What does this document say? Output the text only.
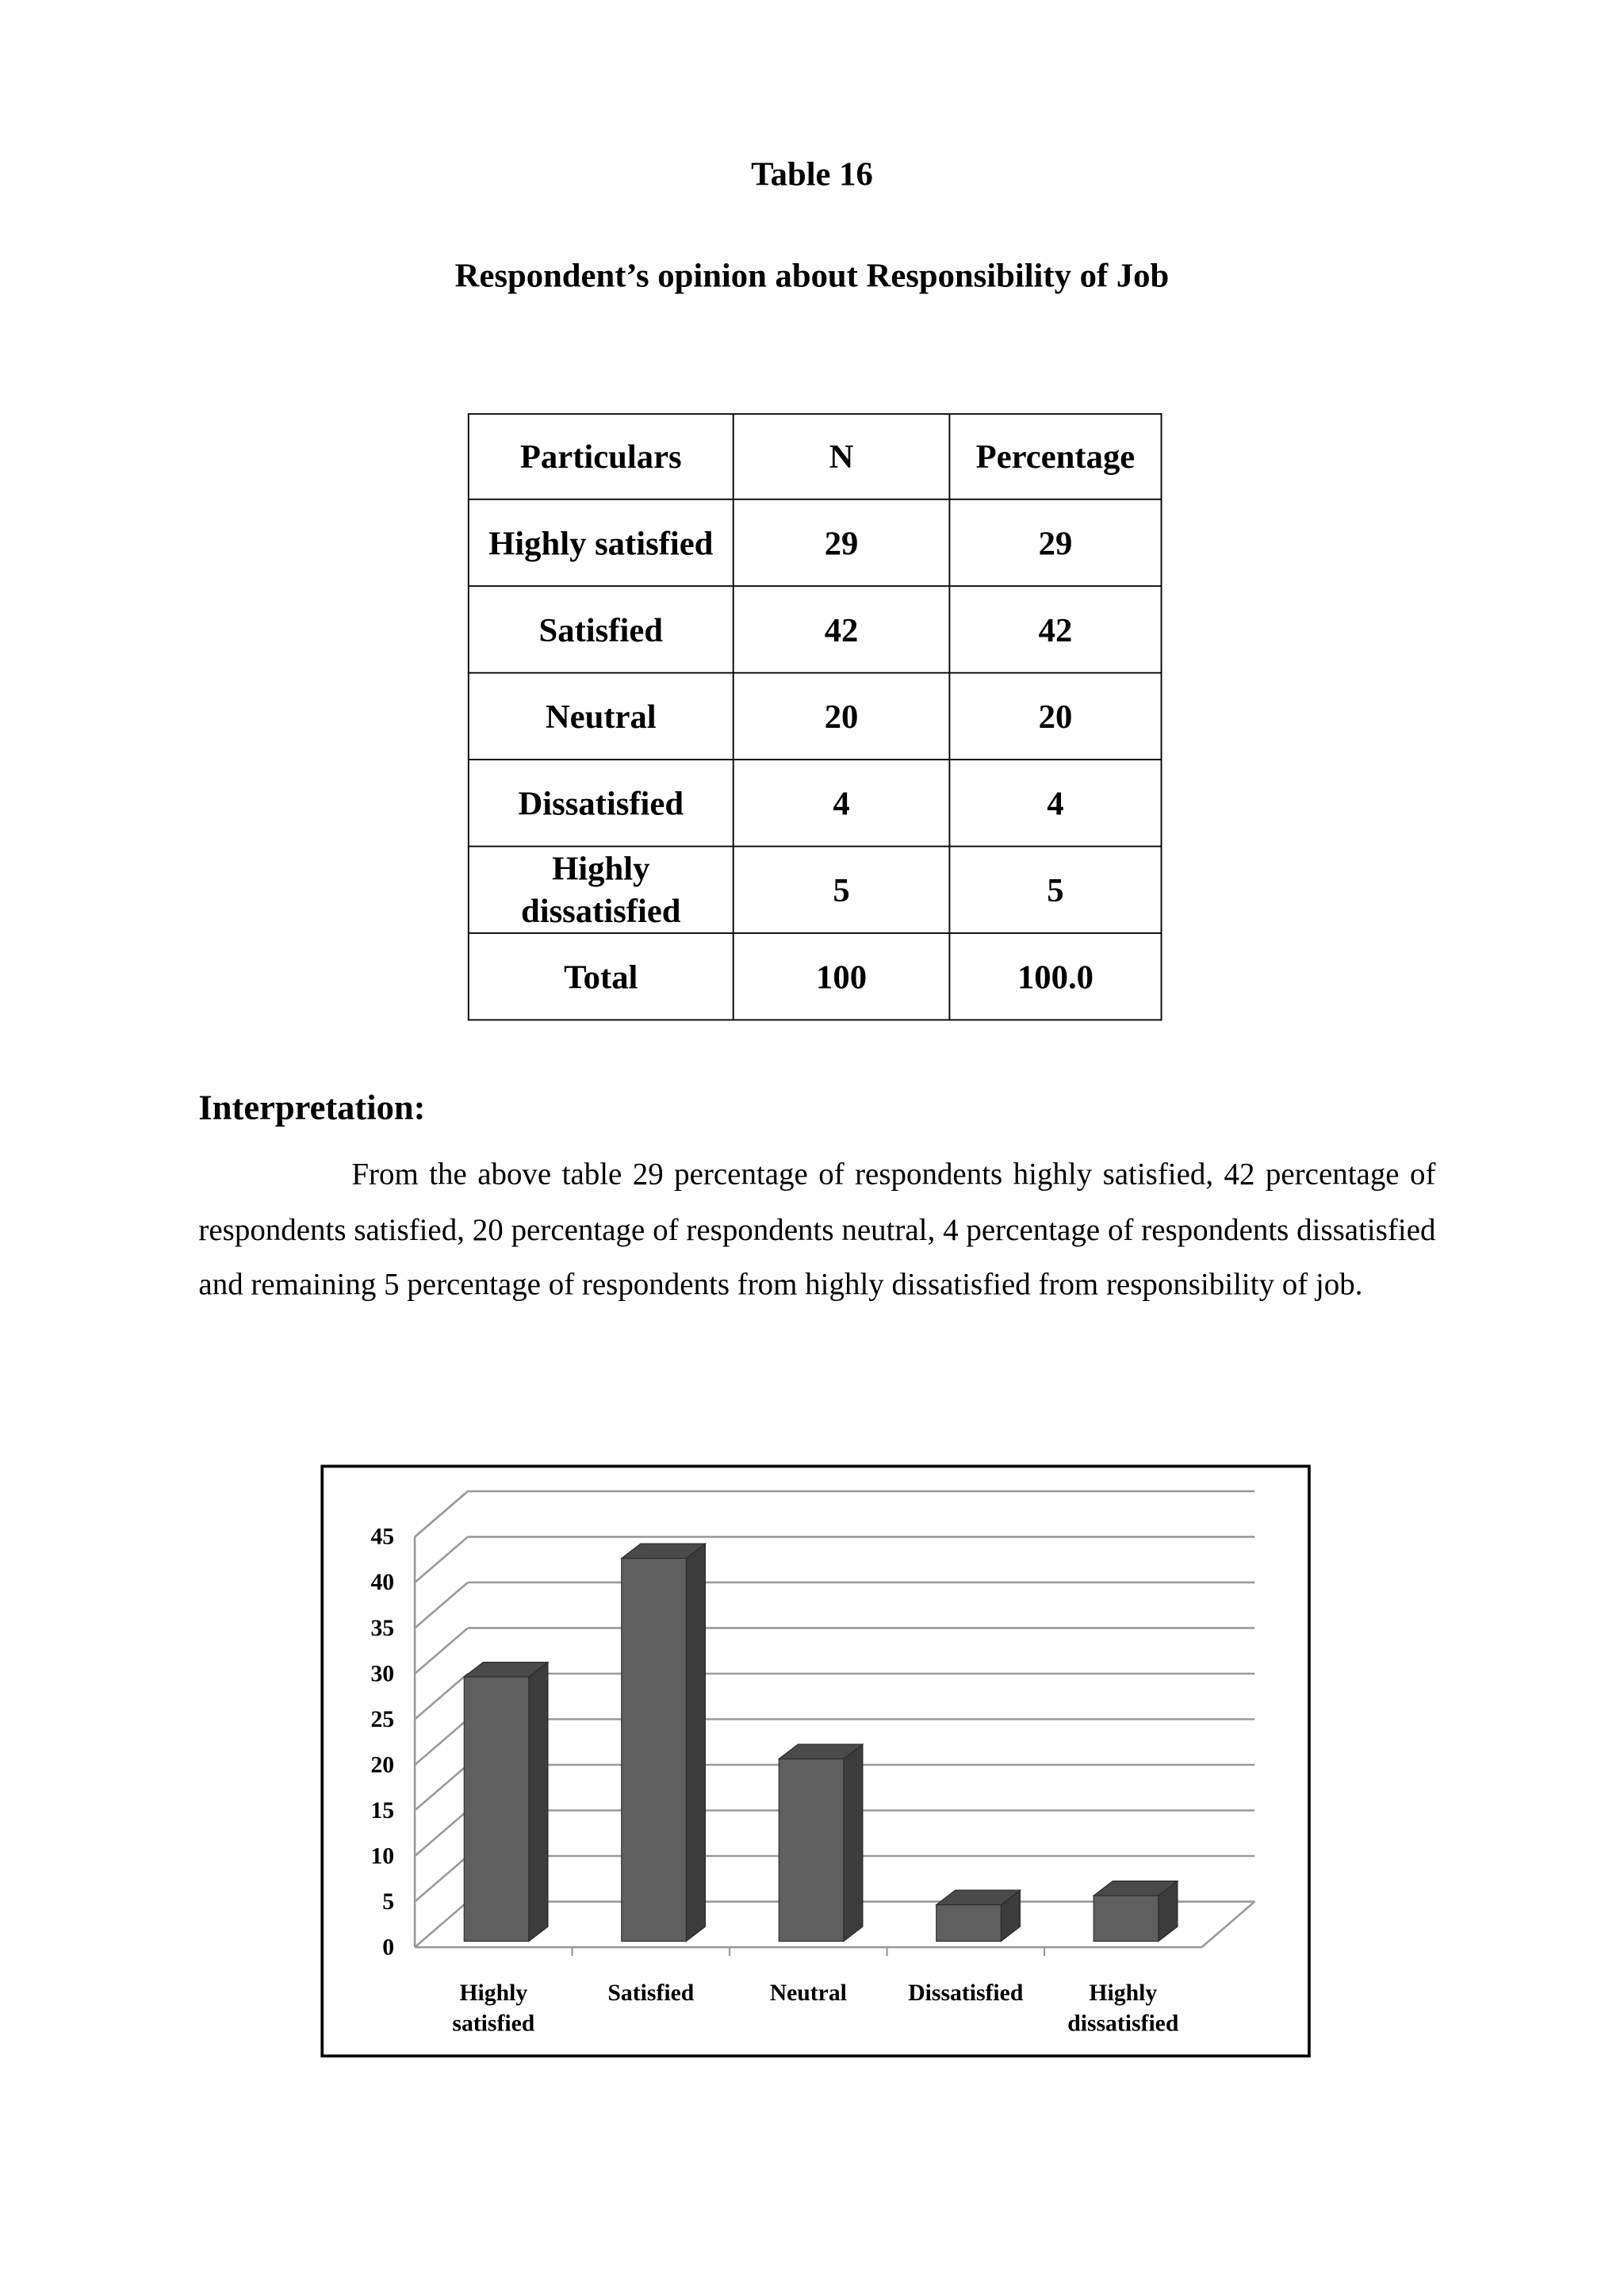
Table 16
Respondent’s opinion about Responsibility of Job
Particulars	N	Percentage
Highly satisfied	29	29
Satisfied	42	42
Neutral	20	20
Dissatisfied	4	4
Highly dissatisfied	5	5
Total	100	100.0
Interpretation:

From the above table 29 percentage of respondents highly satisfied, 42 percentage of respondents satisfied, 20 percentage of respondents neutral, 4 percentage of respondents dissatisfied and remaining 5 percentage of respondents from highly dissatisfied from responsibility of job.

0
5
10
15
20
25
30
35
40
45
Highly
satisfied
Satisfied	Neutral	Dissatisfied	Highly
dissatisfied
